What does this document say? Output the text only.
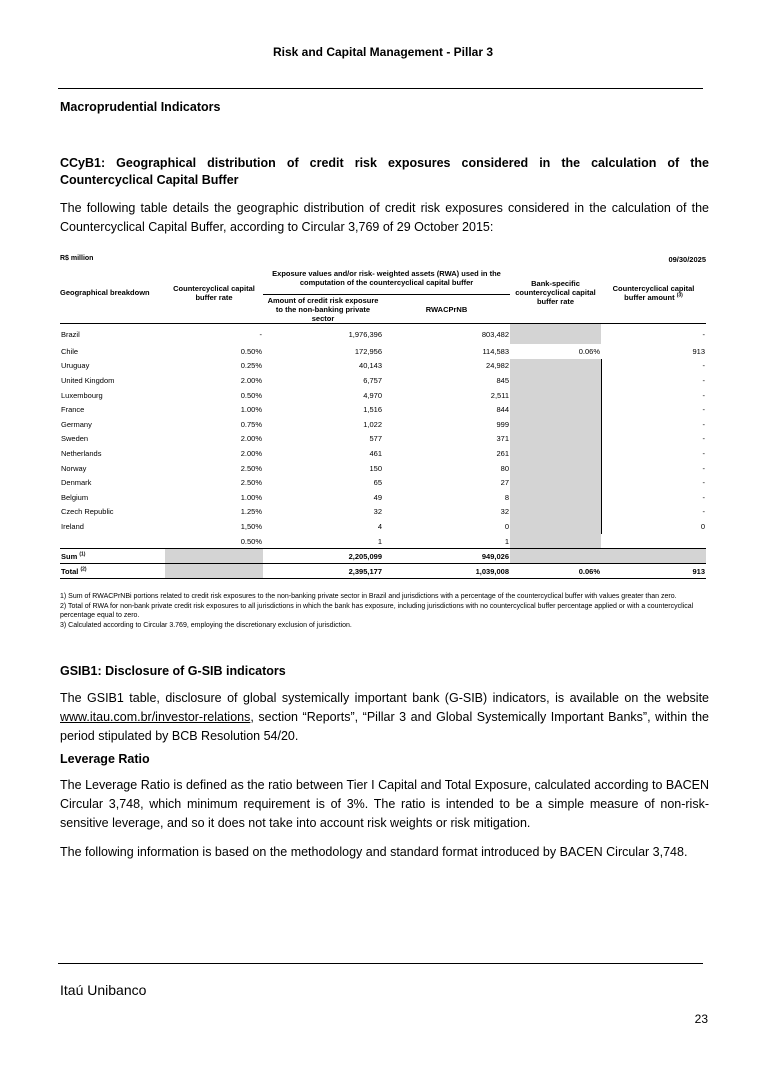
Risk and Capital Management - Pillar 3
Macroprudential Indicators
CCyB1: Geographical distribution of credit risk exposures considered in the calculation of the Countercyclical Capital Buffer
The following table details the geographic distribution of credit risk exposures considered in the calculation of the Countercyclical Capital Buffer, according to Circular 3,769 of 29 October 2015:
R$ million	09/30/2025
Geographical breakdown	Countercyclical capital buffer rate	Exposure values and/or risk- weighted assets (RWA) used in the computation of the countercyclical capital buffer		Bank-specific countercyclical capital buffer rate	Countercyclical capital buffer amount $^{(3)}$
		Amount of credit risk exposure to the non-banking private sector	RWACPrNB		
Brazil	-	1,976,396	803,482		-
Chile	0.50%	172,956	114,583	0.06%	913
Uruguay	0.25%	40,143	24,982		-
United Kingdom	2.00%	6,757	845		-
Luxembourg	0.50%	4,970	2,511		-
France	1.00%	1,516	844		-
Germany	0.75%	1,022	999		-
Sweden	2.00%	577	371		-
Netherlands	2.00%	461	261		-
Norway	2.50%	150	80		-
Denmark	2.50%	65	27		-
Belgium	1.00%	49	8		-
Czech Republic	1.25%	32	32		-
Ireland	1,50%	4	0		0
	0.50%	1	1		
Sum $^{(1)}$		2,205,099	949,026		
Total $^{(2)}$		2,395,177	1,039,008	0.06%	913
1) Sum of RWACPrNBi portions related to credit risk exposures to the non-banking private sector in Brazil and jurisdictions with a percentage of the countercyclical buffer with values greater than zero.
2) Total of RWA for non-bank private credit risk exposures to all jurisdictions in which the bank has exposure, including jurisdictions with no countercyclical buffer percentage applied or with a countercyclical percentage equal to zero.
3) Calculated according to Circular 3.769, employing the discretionary exclusion of jurisdiction.
GSIB1: Disclosure of G-SIB indicators
The GSIB1 table, disclosure of global systemically important bank (G-SIB) indicators, is available on the website www.itau.com.br/investor-relations, section “Reports”, “Pillar 3 and Global Systemically Important Banks”, within the period stipulated by BCB Resolution 54/20.
Leverage Ratio
The Leverage Ratio is defined as the ratio between Tier I Capital and Total Exposure, calculated according to BACEN Circular 3,748, which minimum requirement is of 3%. The ratio is intended to be a simple measure of non-risk-sensitive leverage, and so it does not take into account risk weights or risk mitigation.
The following information is based on the methodology and standard format introduced by BACEN Circular 3,748.
Itaú Unibanco
23
